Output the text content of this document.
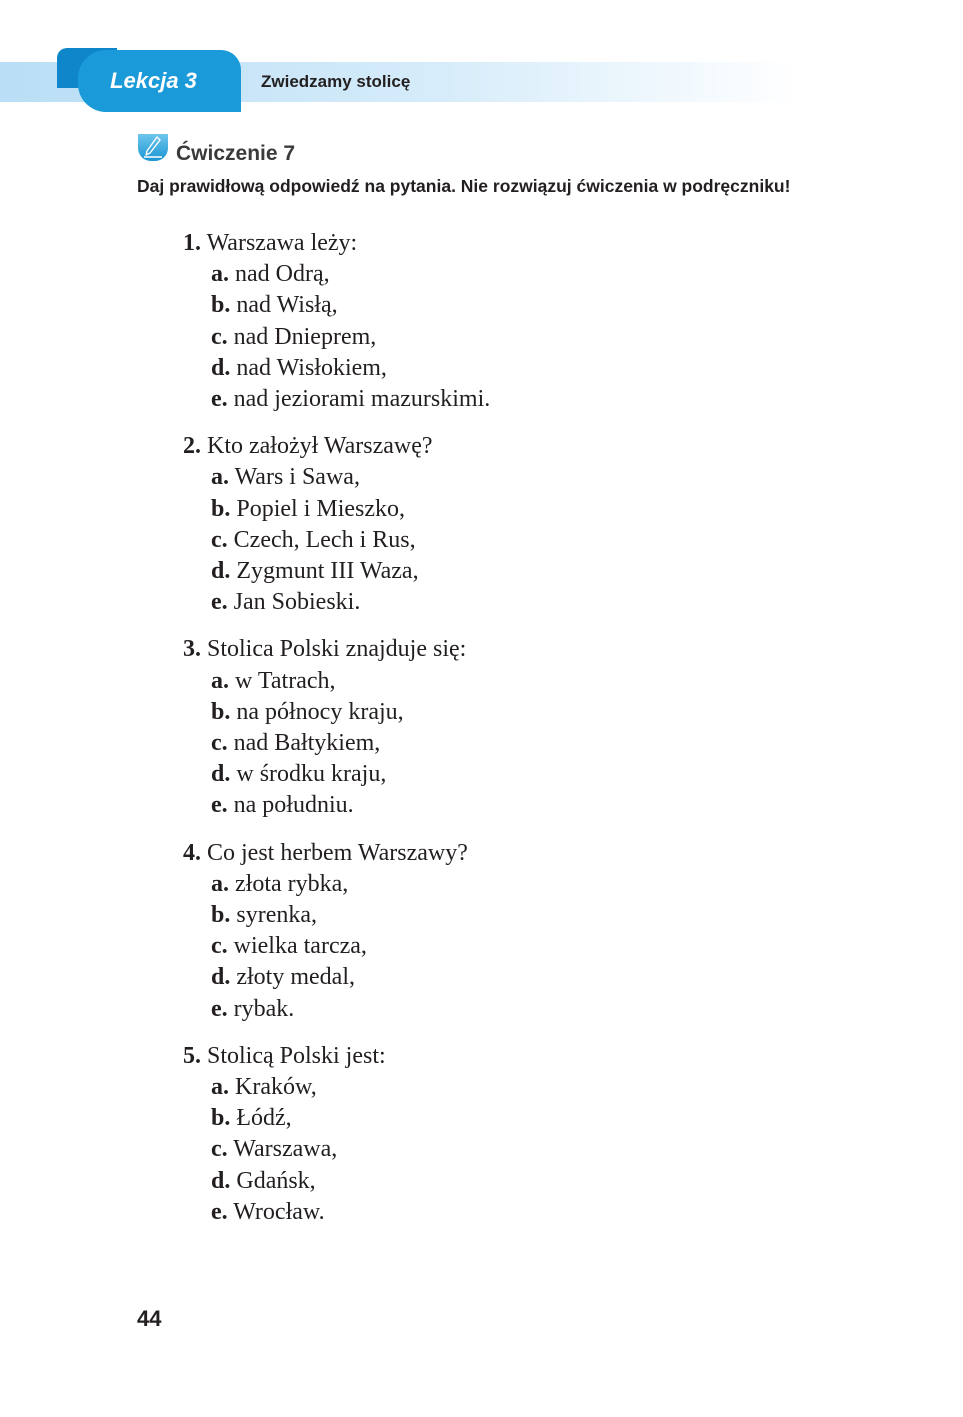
Lekcja 3	Zwiedzamy stolicę
Ćwiczenie 7
Daj prawidłową odpowiedź na pytania. Nie rozwiązuj ćwiczenia w podręczniku!
1. Warszawa leży:
a. nad Odrą,
b. nad Wisłą,
c. nad Dnieprem,
d. nad Wisłokiem,
e. nad jeziorami mazurskimi.
2. Kto założył Warszawę?
a. Wars i Sawa,
b. Popiel i Mieszko,
c. Czech, Lech i Rus,
d. Zygmunt III Waza,
e. Jan Sobieski.
3. Stolica Polski znajduje się:
a. w Tatrach,
b. na północy kraju,
c. nad Bałtykiem,
d. w środku kraju,
e. na południu.
4. Co jest herbem Warszawy?
a. złota rybka,
b. syrenka,
c. wielka tarcza,
d. złoty medal,
e. rybak.
5. Stolicą Polski jest:
a. Kraków,
b. Łódź,
c. Warszawa,
d. Gdańsk,
e. Wrocław.
44
